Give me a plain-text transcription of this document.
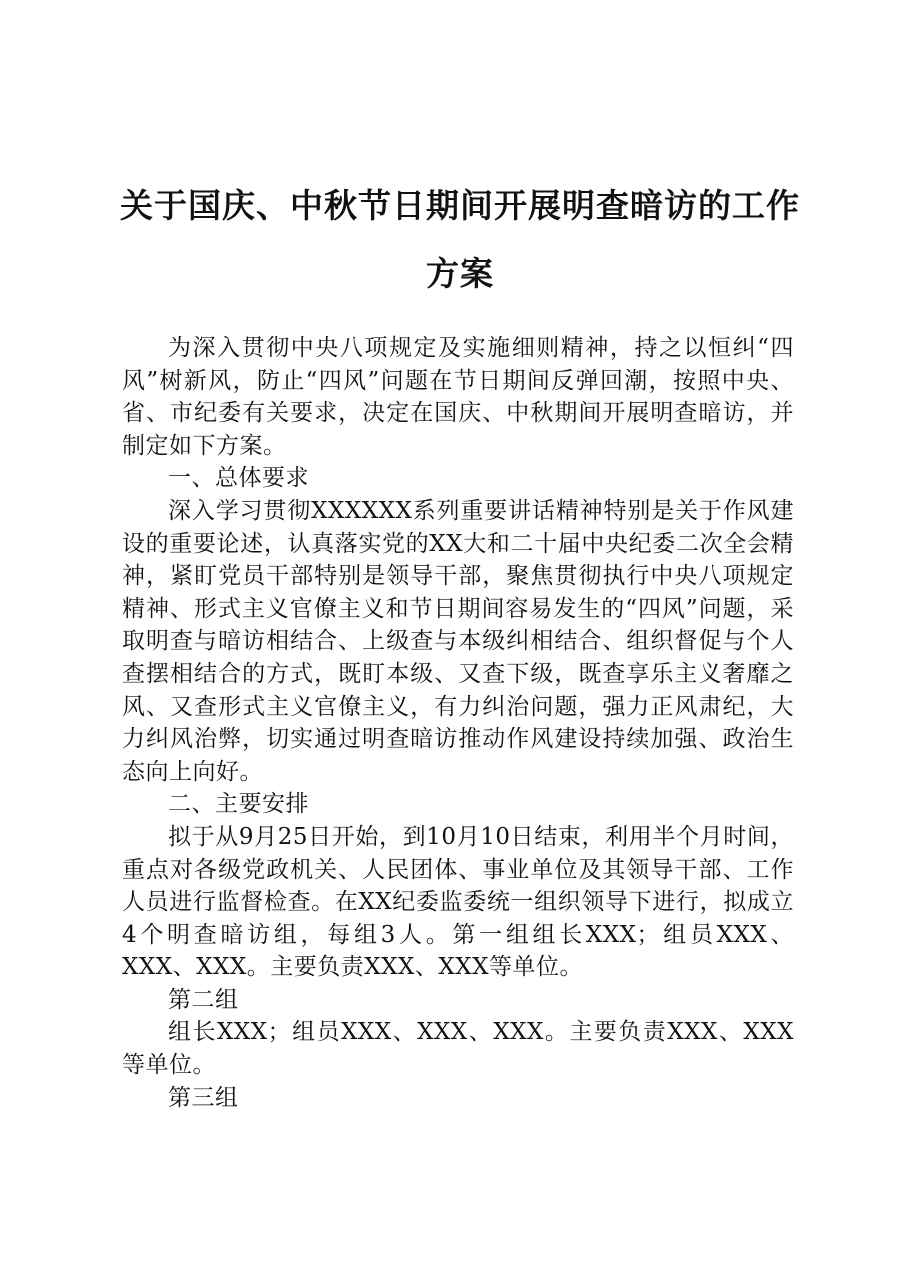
关于国庆、中秋节日期间开展明查暗访的工作
方案

为深入贯彻中央八项规定及实施细则精神，持之以恒纠“四风”树新风，防止“四风”问题在节日期间反弹回潮，按照中央、省、市纪委有关要求，决定在国庆、中秋期间开展明查暗访，并制定如下方案。

一、总体要求

深入学习贯彻XXXXXX系列重要讲话精神特别是关于作风建设的重要论述，认真落实党的XX大和二十届中央纪委二次全会精神，紧盯党员干部特别是领导干部，聚焦贯彻执行中央八项规定精神、形式主义官僚主义和节日期间容易发生的“四风”问题，采取明查与暗访相结合、上级查与本级纠相结合、组织督促与个人查摆相结合的方式，既盯本级、又查下级，既查享乐主义奢靡之风、又查形式主义官僚主义，有力纠治问题，强力正风肃纪，大力纠风治弊，切实通过明查暗访推动作风建设持续加强、政治生态向上向好。

二、主要安排

拟于从9月25日开始，到10月10日结束，利用半个月时间，重点对各级党政机关、人民团体、事业单位及其领导干部、工作人员进行监督检查。在XX纪委监委统一组织领导下进行，拟成立4个明查暗访组，每组3人。第一组组长XXX；组员XXX、XXX、XXX。主要负责XXX、XXX等单位。

第二组

组长XXX；组员XXX、XXX、XXX。主要负责XXX、XXX等单位。

第三组
